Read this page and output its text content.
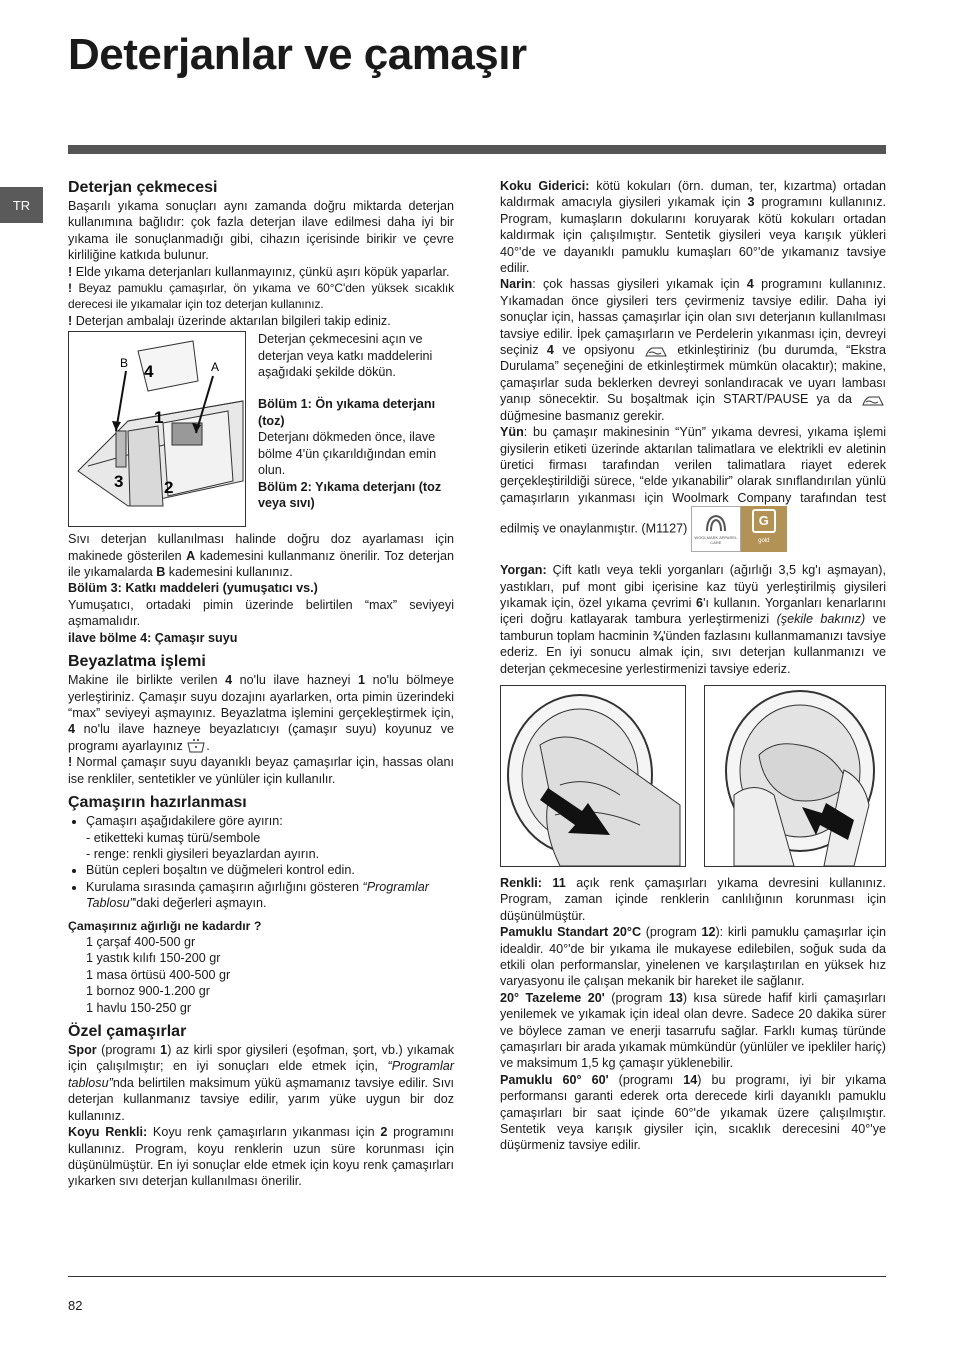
Deterjanlar ve çamaşır
TR
Deterjan çekmecesi

Başarılı yıkama sonuçları aynı zamanda doğru miktarda deterjan kullanımına bağlıdır: çok fazla deterjan ilave edilmesi daha iyi bir yıkama ile sonuçlanmadığı gibi, cihazın içerisinde birikir ve çevre kirliliğine katkıda bulunur.

! Elde yıkama deterjanları kullanmayınız, çünkü aşırı köpük yaparlar.

! Beyaz pamuklu çamaşırlar, ön yıkama ve 60°C'den yüksek sıcaklık derecesi ile yıkamalar için toz deterjan kullanınız.

! Deterjan ambalajı üzerinde aktarılan bilgileri takip ediniz.

B	A
4
1
3 2

Deterjan çekmecesini açın ve deterjan veya katkı maddelerini aşağıdaki şekilde dökün.

Bölüm 1: Ön yıkama deterjanı (toz)

Deterjanı dökmeden önce, ilave bölme 4'ün çıkarıldığından emin olun.

Bölüm 2: Yıkama deterjanı (toz veya sıvı)

Sıvı deterjan kullanılması halinde doğru doz ayarlaması için makinede gösterilen A kademesini kullanmanız önerilir. Toz deterjan ile yıkamalarda B kademesini kullanınız.

Bölüm 3: Katkı maddeleri (yumuşatıcı vs.)

Yumuşatıcı, ortadaki pimin üzerinde belirtilen “max” seviyeyi aşmamalıdır.

ilave bölme 4: Çamaşır suyu

Beyazlatma işlemi

Makine ile birlikte verilen 4 no'lu ilave hazneyi 1 no'lu bölmeye yerleştiriniz. Çamaşır suyu dozajını ayarlarken, orta pimin üzerindeki “max” seviyeyi aşmayınız. Beyazlatma işlemini gerçekleştirmek için, 4 no'lu ilave hazneye beyazlatıcıyı (çamaşır suyu) koyunuz ve programı ayarlayınız .

! Normal çamaşır suyu dayanıklı beyaz çamaşırlar için, hassas olanı ise renkliler, sentetikler ve yünlüler için kullanılır.

Çamaşırın hazırlanması
• Çamaşırı aşağıdakilere göre ayırın:
- etiketteki kumaş türü/sembole
- renge: renkli giysileri beyazlardan ayırın.
• Bütün cepleri boşaltın ve düğmeleri kontrol edin.
• Kurulama sırasında çamaşırın ağırlığını gösteren “Programlar Tablosu”'daki değerleri aşmayın.

Çamaşırınız ağırlığı ne kadardır ?

1 çarşaf 400-500 gr

1 yastık kılıfı 150-200 gr

1 masa örtüsü 400-500 gr

1 bornoz 900-1.200 gr

1 havlu 150-250 gr

Özel çamaşırlar

Spor (programı 1) az kirli spor giysileri (eşofman, şort, vb.) yıkamak için çalışılmıştır; en iyi sonuçları elde etmek için, “Programlar tablosu”nda belirtilen maksimum yükü aşmamanız tavsiye edilir. Sıvı deterjan kullanmanız tavsiye edilir, yarım yüke uygun bir doz kullanınız.

Koyu Renkli: Koyu renk çamaşırların yıkanması için 2 programını kullanınız. Program, koyu renklerin uzun süre korunması için düşünülmüştür. En iyi sonuçlar elde etmek için koyu renk çamaşırları yıkarken sıvı deterjan kullanılması önerilir.

Koku Giderici: kötü kokuları (örn. duman, ter, kızartma) ortadan kaldırmak amacıyla giysileri yıkamak için 3 programını kullanınız. Program, kumaşların dokularını koruyarak kötü kokuları ortadan kaldırmak için çalışılmıştır. Sentetik giysileri veya karışık yükleri 40°'de ve dayanıklı pamuklu kumaşları 60°'de yıkamanız tavsiye edilir.

Narin: çok hassas giysileri yıkamak için 4 programını kullanınız. Yıkamadan önce giysileri ters çevirmeniz tavsiye edilir. Daha iyi sonuçlar için, hassas çamaşırlar için olan sıvı deterjanın kullanılması tavsiye edilir. İpek çamaşırların ve Perdelerin yıkanması için, devreyi seçiniz 4 ve opsiyonu	etkinleştiriniz (bu durumda, “Ekstra Durulama” seçeneğini de etkinleştirmek mümkün olacaktır); makine, çamaşırlar suda beklerken devreyi sonlandıracak ve uyarı lambası yanıp sönecektir. Su boşaltmak için START/PAUSE ya da  düğmesine basmanız gerekir.

Yün: bu çamaşır makinesinin “Yün” yıkama devresi, yıkama işlemi giysilerin etiketi üzerinde aktarılan talimatlara ve elektrikli ev aletinin üretici firması tarafından verilen talimatlara riayet ederek gerçekleştirildiği sürece, “elde yıkanabilir” olarak sınıflandırılan yünlü çamaşırların yıkanması için Woolmark Company tarafından test edilmiş ve onaylanmıştır. (M1127)
WOOLMARK APPAREL CARE
G
gold

Yorgan: Çift katlı veya tekli yorganları (ağırlığı 3,5 kg'ı aşmayan), yastıkları, puf mont gibi içerisine kaz tüyü yerleştirilmiş giysileri yıkamak için, özel yıkama çevrimi 6'ı kullanın. Yorganları kenarlarını içeri doğru katlayarak tambura yerleştirmenizi (şekile bakınız) ve tamburun toplam hacminin ¾'ünden fazlasını kullanmamanızı tavsiye ederiz. En iyi sonucu almak için, sıvı deterjan kullanmanızı ve deterjan çekmecesine yerlestirmenizi tavsiye ederiz.

Renkli: 11 açık renk çamaşırları yıkama devresini kullanınız. Program, zaman içinde renklerin canlılığının korunması için düşünülmüştür.

Pamuklu Standart 20°C (program 12): kirli pamuklu çamaşırlar için idealdir. 40°'de bir yıkama ile mukayese edilebilen, soğuk suda da etkili olan performanslar, yinelenen ve karşılaştırılan en yüksek hız varyasyonu ile çalışan mekanik bir hareket ile sağlanır.

20° Tazeleme 20' (program 13) kısa sürede hafif kirli çamaşırları yenilemek ve yıkamak için ideal olan devre. Sadece 20 dakika sürer ve böylece zaman ve enerji tasarrufu sağlar. Farklı kumaş türünde çamaşırları bir arada yıkamak mümkündür (yünlüler ve ipekliler hariç) ve maksimum 1,5 kg çamaşır yüklenebilir.

Pamuklu 60° 60' (programı 14) bu programı, iyi bir yıkama performansı garanti ederek orta derecede kirli dayanıklı pamuklu çamaşırları bir saat içinde 60°'de yıkamak üzere çalışılmıştır. Sentetik veya karışık giysiler için, sıcaklık derecesini 40°'ye düşürmeniz tavsiye edilir.

82
